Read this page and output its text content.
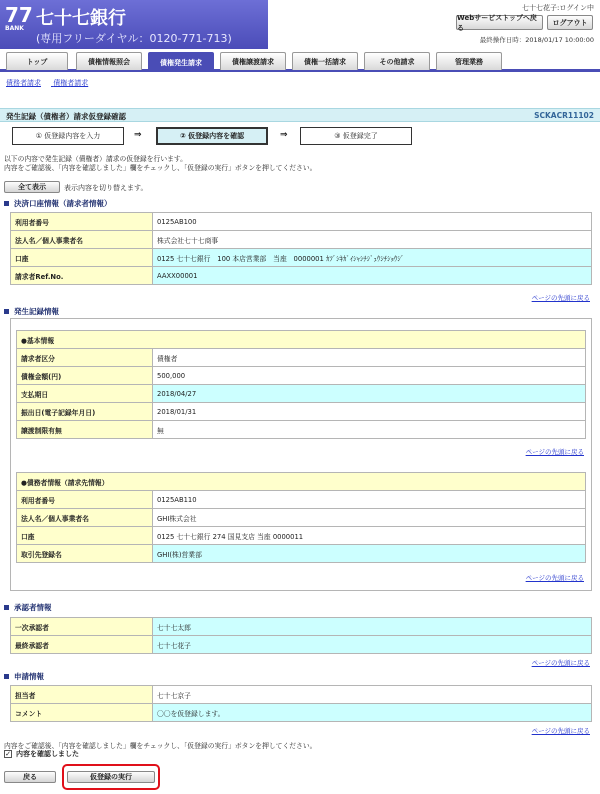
77
BANK 七十七銀行
(専用フリーダイヤル：0120-771-713)
七十七花子:ログイン中
Webサービストップへ戻る
ログアウト
最終操作日時：2018/01/17 10:00:00
トップ	債権情報照会	債権発生請求	債権譲渡請求	債権一括請求	その他請求	管理業務
債務者請求 債権者請求
発生記録（債権者）請求仮登録確認	SCKACR11102
① 仮登録内容を入力	⇒	② 仮登録内容を確認	⇒	③ 仮登録完了
以下の内容で発生記録（債権者）請求の仮登録を行います。
内容をご確認後、「内容を確認しました」欄をチェックし、「仮登録の実行」ボタンを押してください。
全て表示	表示内容を切り替えます。
決済口座情報（請求者情報）
利用者番号	0125AB100
法人名／個人事業者名	株式会社七十七商事
口座	0125 七十七銀行　100 本店営業部　当座　0000001 ｶﾌﾞｼｷｶﾞｲｼｬｼﾁｼﾞｭｳｼﾁｼｮｳｼﾞ
請求者Ref.No.	AAXX00001
ページの先頭に戻る
発生記録情報
●基本情報	
請求者区分	債権者
債権金額(円)	500,000
支払期日	2018/04/27
振出日(電子記録年月日)	2018/01/31
譲渡制限有無	無
ページの先頭に戻る
●債務者情報（請求先情報）	
利用者番号	0125AB110
法人名／個人事業者名	GHI株式会社
口座	0125 七十七銀行 274 国見支店 当座 0000011
取引先登録名	GHI(株)営業部
ページの先頭に戻る
承認者情報
一次承認者	七十七太郎
最終承認者	七十七花子
ページの先頭に戻る
申請情報
担当者	七十七京子
コメント	〇〇を仮登録します。
ページの先頭に戻る
内容をご確認後、「内容を確認しました」欄をチェックし、「仮登録の実行」ボタンを押してください。
✓ 内容を確認しました
戻る	仮登録の実行
